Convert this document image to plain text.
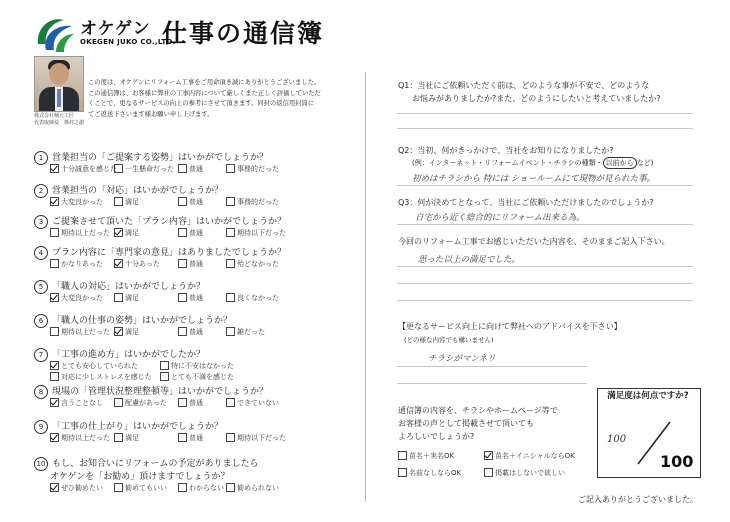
オケゲン
OKEGEN JUKO CO.,LTD.
仕事の通信簿
株式会社桶元工匠
代表取締役　篠村之創
この度は、オケゲンにリフォーム工事をご用命頂き誠にありがとうございました。
この通信簿は、お客様に弊社の工事内容について厳しくまた正しく評価していただ
くことで、更なるサービスの向上の参考にさせて頂きます。同封の返信用封筒に
てご返送下さいます様お願い申し上げます。
1 営業担当の「ご提案する姿勢」はいかがでしょうか？
十分誠意を感じた	一生懸命だった	普通	事務的だった
2 営業担当の「対応」はいかがでしょうか？
大変良かった	満足	普通	事務的だった
3 ご提案させて頂いた「プラン内容」はいかがでしょうか？
期待以上だった	満足	普通	期待以下だった
4 プラン内容に「専門家の意見」はありましたでしょうか？
かなりあった	十分あった	普通	殆どなかった
5 「職人の対応」はいかがでしょうか？
大変良かった	満足	普通	良くなかった
6 「職人の仕事の姿勢」はいかがでしょうか？
期待以上だった	満足	普通	雑だった
7 「工事の進め方」はいかがでしたか？
とても安心していられた	特に不安はなかった
対応に少しストレスを感じた	とても不満を感じた
8 現場の「管理状況整理整頓等」はいかがでしょうか？
言うことなし	配慮があった	普通	できていない
9 「工事の仕上がり」はいかがでしょうか？
期待以上だった	満足	普通	期待以下だった
10 もし、お知合いにリフォームの予定がありましたら
オケゲンを「お勧め」頂けますでしょうか？
ぜひ勧めたい	勧めてもいい	わからない	勧められない
Q1：当社にご依頼いただく前は、どのような事が不安で、どのような
お悩みがありましたか?また、どのようにしたいと考えていましたか?
Q2：当初、何がきっかけで、当社をお知りになりましたか?
(例：インターネット・リフォームイベント・チラシの種類・ 以前から など)
初めはチラシから 特には ショールームにて現物が見られた事。
Q3：何が決めてとなって、当社にご依頼いただけましたのでしょうか?
自宅から近く総合的にリフォーム出来る為。
今回のリフォーム工事でお感じいただいた内容を、そのままご記入下さい。
思った以上の満足でした。
【更なるサービス向上に向けて弊社へのアドバイスを下さい】
(どの様な内容でも構いません)
チラシがマンネリ
通信簿の内容を、チラシやホームページ等で
お客様の声として掲載させて頂いても
よろしいでしょうか?
苗名＋実名OK	苗名＋イニシャルならOK
名前なしならOK	掲載はしないで欲しい
満足度は何点ですか?
100
100
ご記入ありがとうございました。
